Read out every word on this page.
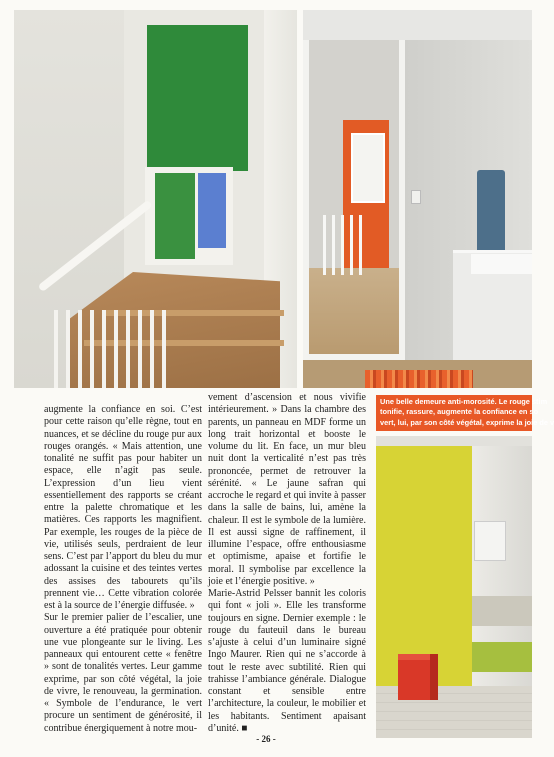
Une belle demeure anti-morosité. Le rouge stim

tonifie, rassure, augmente la confiance en so

vert, lui, par son côté végétal, exprime la joie de v

augmente la confiance en soi. C’est pour cette raison qu’elle règne, tout en nuances, et se décline du rouge pur aux rouges orangés. « Mais attention, une tonalité ne suffit pas pour habiter un espace, elle n’agit pas seule. L’expression d’un lieu vient essentiellement des rapports se créant entre la palette chromatique et les matières. Ces rapports les magnifient. Par exemple, les rouges de la pièce de vie, utilisés seuls, perdraient de leur sens. C’est par l’apport du bleu du mur adossant la cuisine et des teintes vertes des assises des tabourets qu’ils prennent vie… Cette vibration colorée est à la source de l’énergie diffusée. »

Sur le premier palier de l’escalier, une ouverture a été pratiquée pour obtenir une vue plongeante sur le living. Les panneaux qui entourent cette « fenêtre » sont de tonalités vertes. Leur gamme exprime, par son côté végétal, la joie de vivre, le renouveau, la germination. « Symbole de l’endurance, le vert procure un sentiment de générosité, il contribue énergiquement à notre mou-

vement d’ascension et nous vivifie intérieurement. » Dans la chambre des parents, un panneau en MDF forme un long trait horizontal et booste le volume du lit. En face, un mur bleu nuit dont la verticalité n’est pas très prononcée, permet de retrouver la sérénité. « Le jaune safran qui accroche le regard et qui invite à passer dans la salle de bains, lui, amène la chaleur. Il est le symbole de la lumière. Il est aussi signe de raffinement, il illumine l’espace, offre enthousiasme et optimisme, apaise et fortifie le moral. Il symbolise par excellence la joie et l’énergie positive. »

Marie-Astrid Pelsser bannit les coloris qui font « joli ». Elle les transforme toujours en signe. Dernier exemple : le rouge du fauteuil dans le bureau s’ajuste à celui d’un luminaire signé Ingo Maurer. Rien qui ne s’accorde à tout le reste avec subtilité. Rien qui trahisse l’ambiance générale. Dialogue constant et sensible entre l’architecture, la couleur, le mobilier et les habitants. Sentiment apaisant d’unité. ■

- 26 -
